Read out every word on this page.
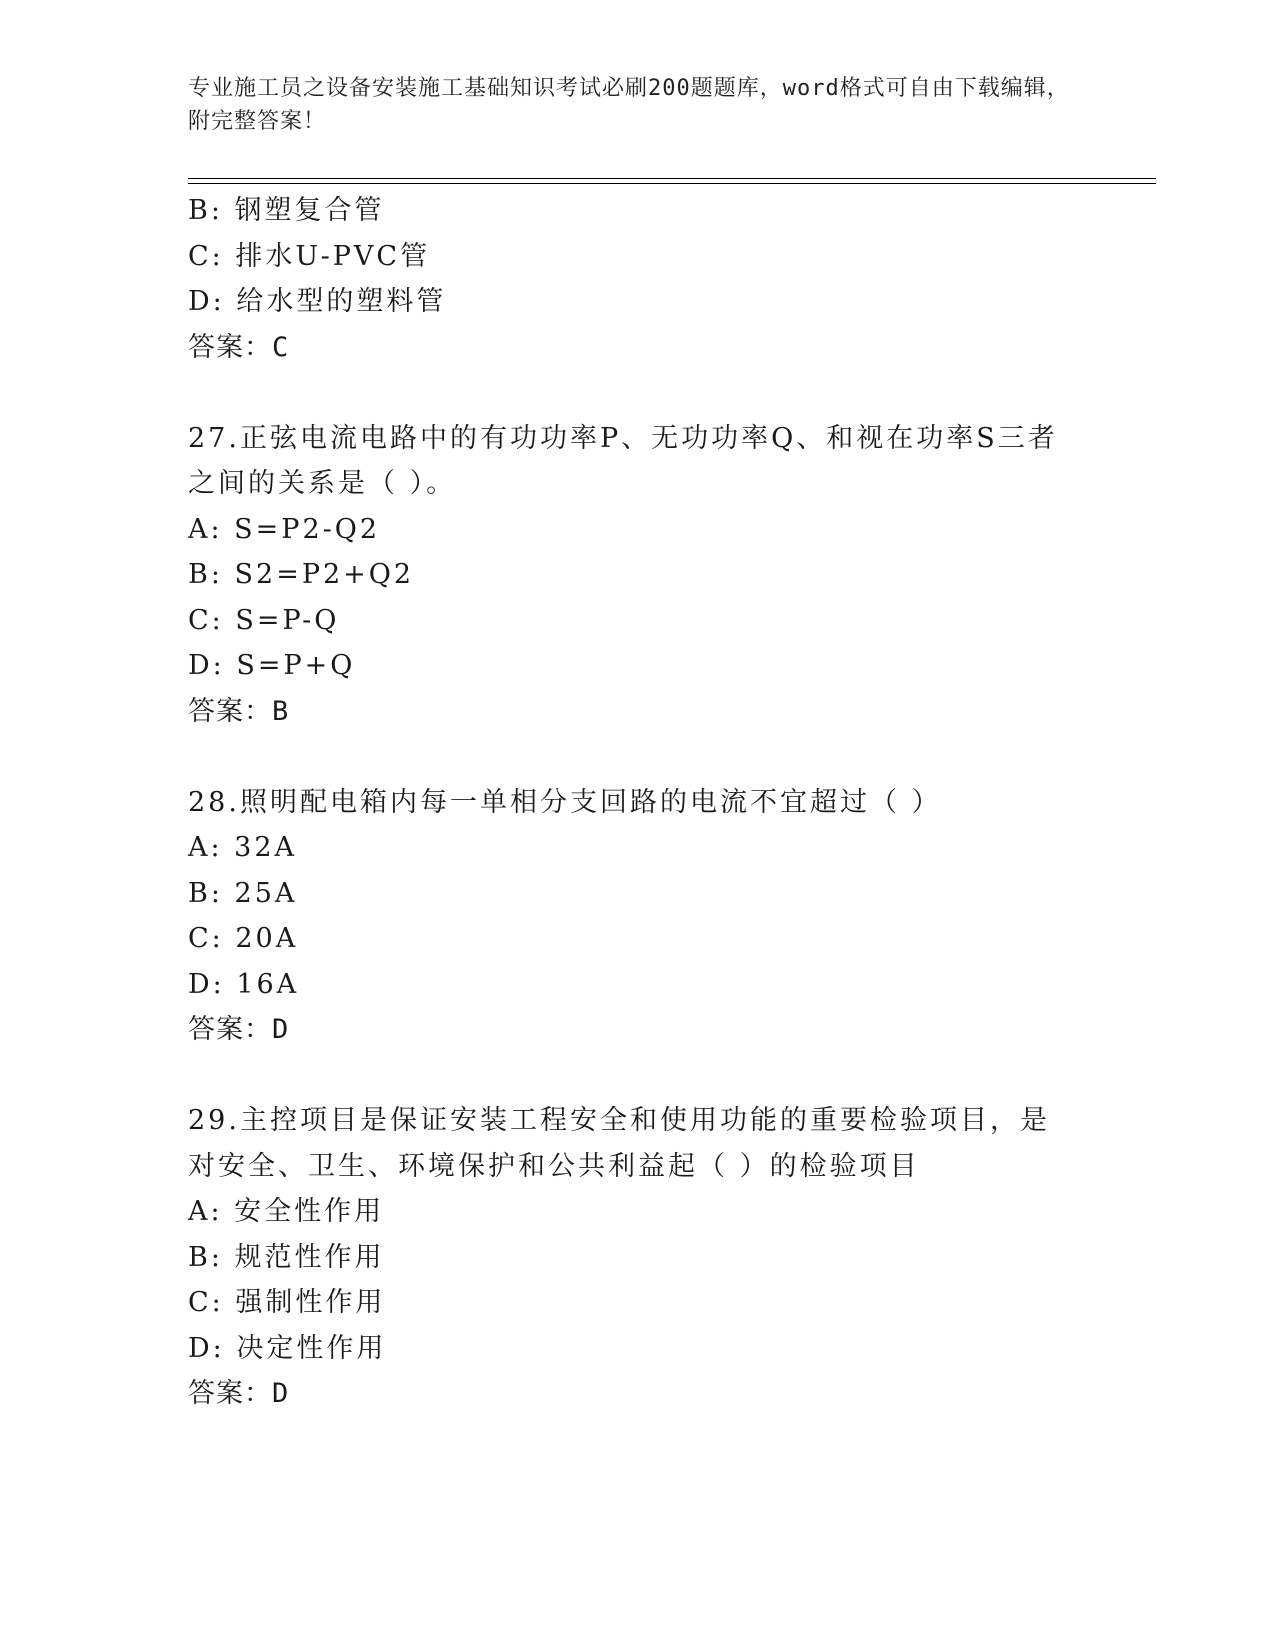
专业施工员之设备安装施工基础知识考试必刷200题题库，word格式可自由下载编辑，附完整答案！
B: 钢塑复合管
C: 排水U-PVC管
D: 给水型的塑料管
答案：C
27.正弦电流电路中的有功功率P、无功功率Q、和视在功率S三者之间的关系是（ ）。
A: S=P2-Q2
B: S2=P2+Q2
C: S=P-Q
D: S=P+Q
答案：B
28.照明配电箱内每一单相分支回路的电流不宜超过（ ）
A: 32A
B: 25A
C: 20A
D: 16A
答案：D
29.主控项目是保证安装工程安全和使用功能的重要检验项目，是对安全、卫生、环境保护和公共利益起（ ）的检验项目
A: 安全性作用
B: 规范性作用
C: 强制性作用
D: 决定性作用
答案：D
